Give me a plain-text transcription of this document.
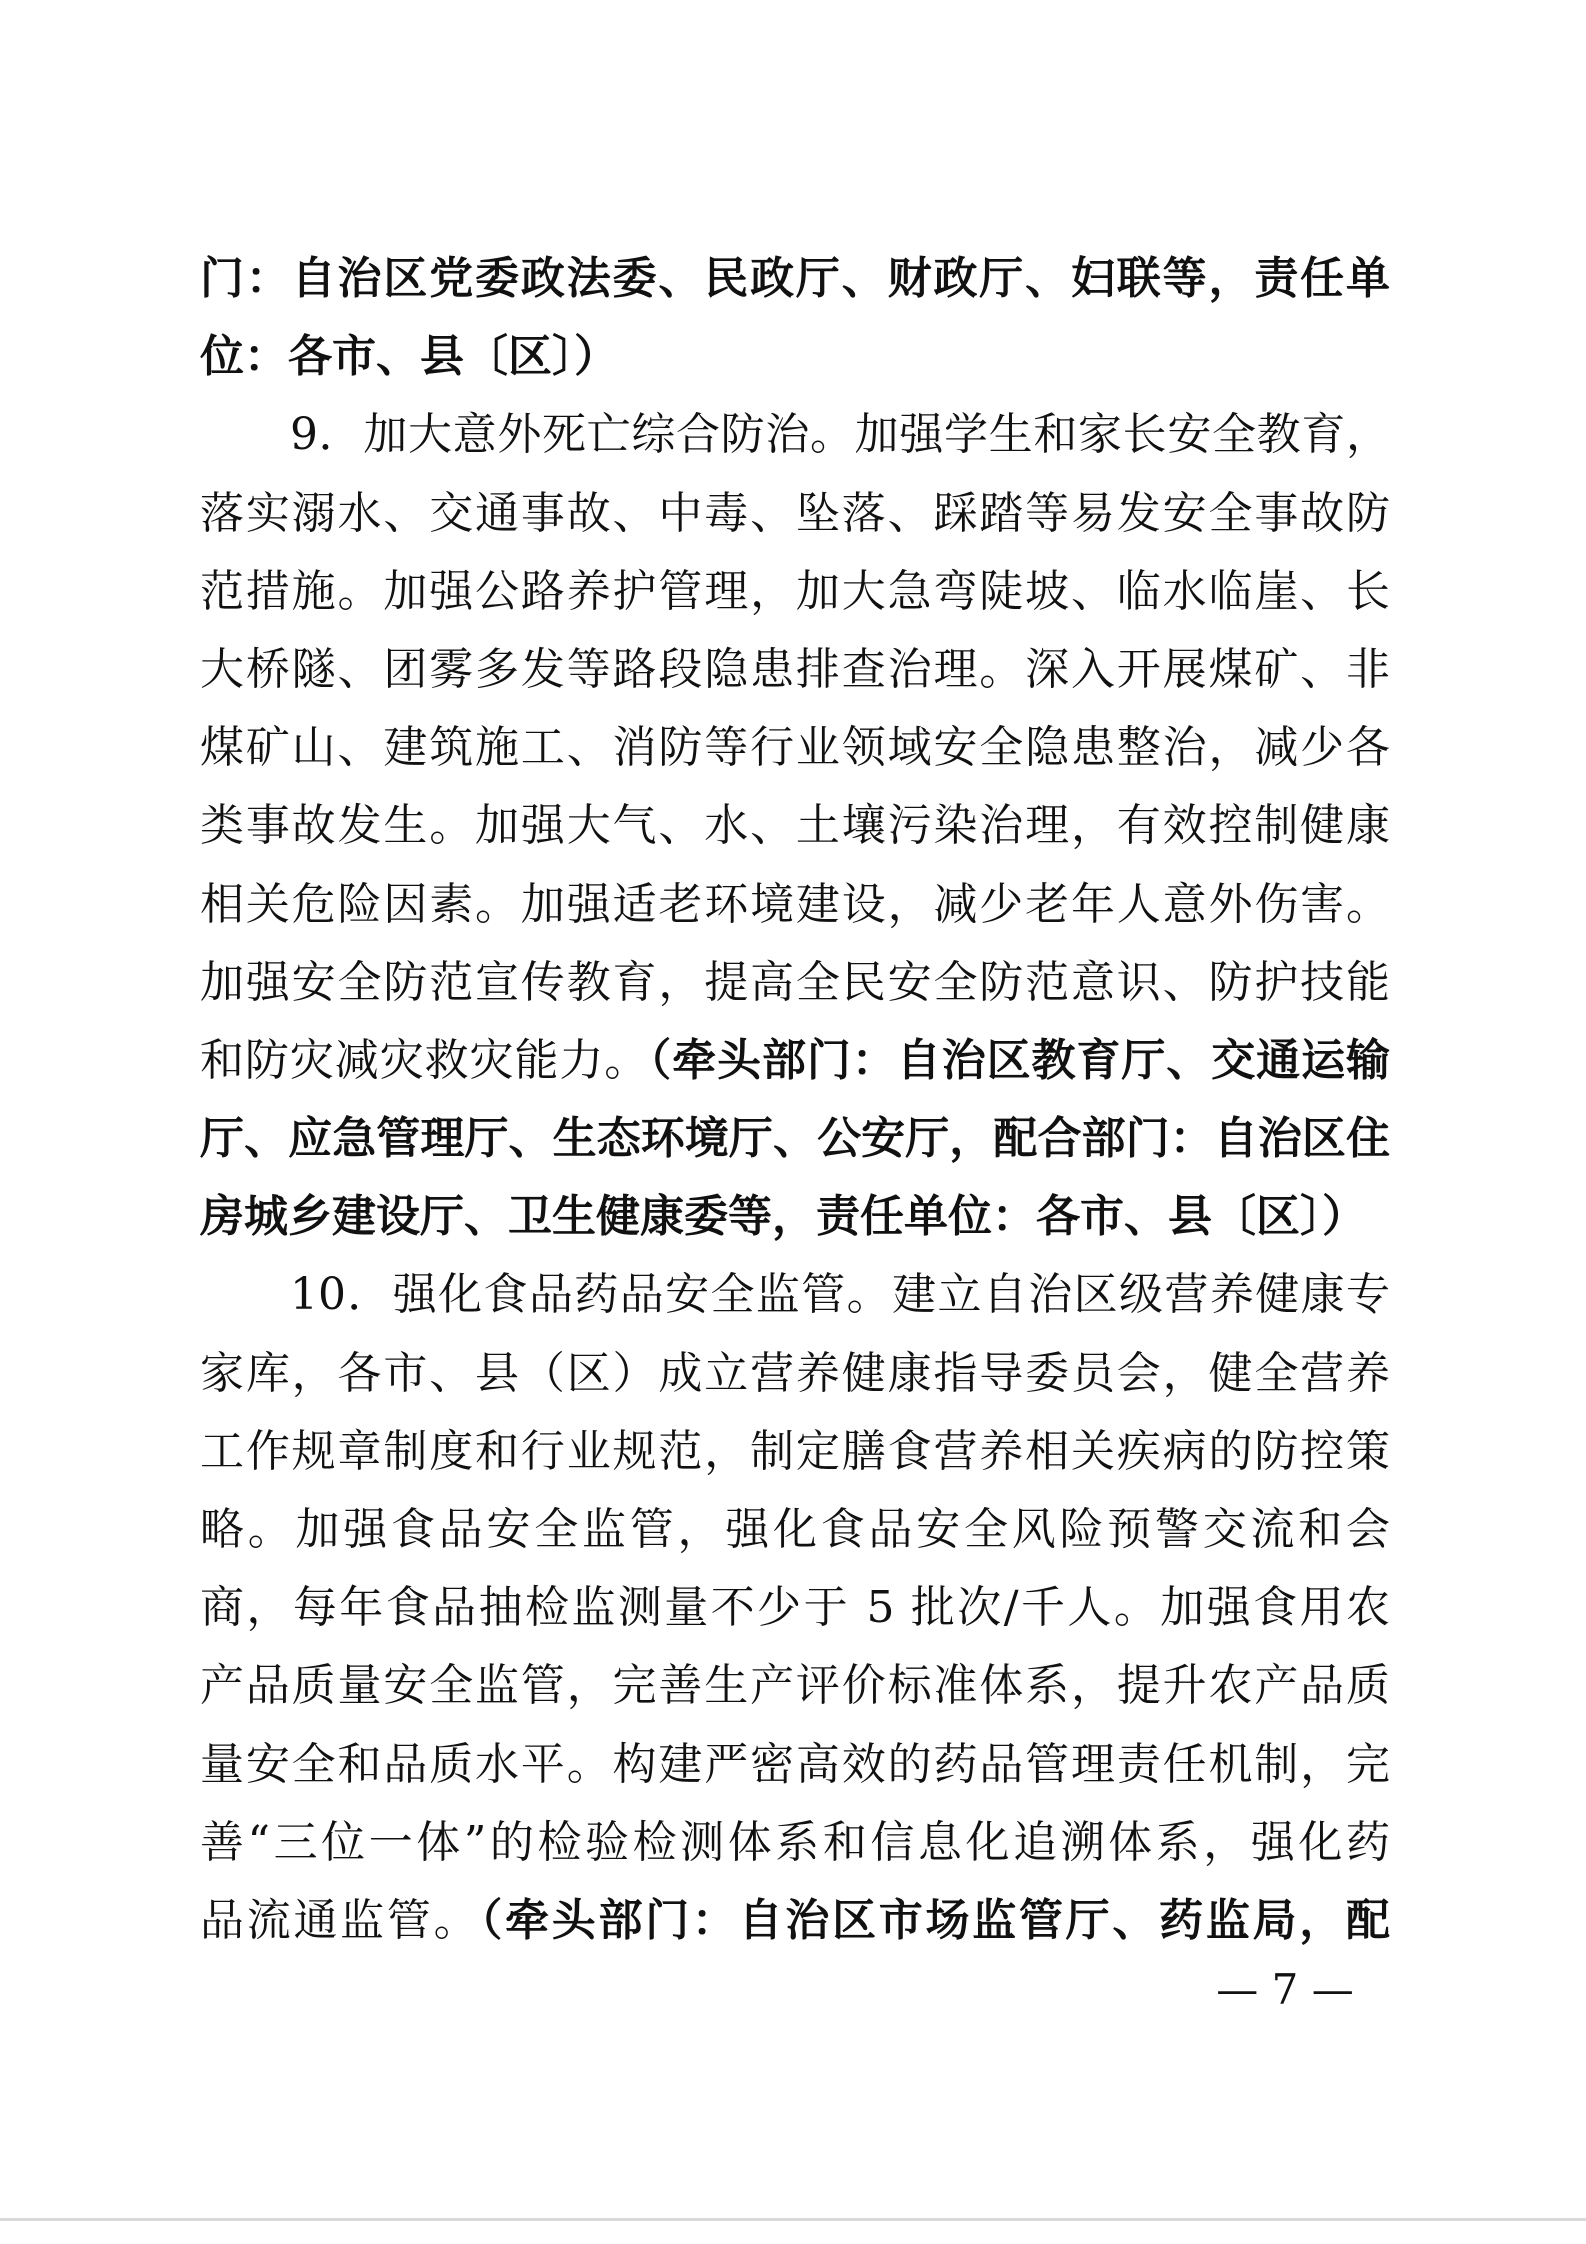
门：自治区党委政法委、民政厅、财政厅、妇联等，责任单
位：各市、县〔区〕）
9．加大意外死亡综合防治。加强学生和家长安全教育，
落实溺水、交通事故、中毒、坠落、踩踏等易发安全事故防
范措施。加强公路养护管理，加大急弯陡坡、临水临崖、长
大桥隧、团雾多发等路段隐患排查治理。深入开展煤矿、非
煤矿山、建筑施工、消防等行业领域安全隐患整治，减少各
类事故发生。加强大气、水、土壤污染治理，有效控制健康
相关危险因素。加强适老环境建设，减少老年人意外伤害。
加强安全防范宣传教育，提高全民安全防范意识、防护技能
和防灾减灾救灾能力。（牵头部门：自治区教育厅、交通运输
厅、应急管理厅、生态环境厅、公安厅，配合部门：自治区住
房城乡建设厅、卫生健康委等，责任单位：各市、县〔区〕）
10．强化食品药品安全监管。建立自治区级营养健康专
家库，各市、县（区）成立营养健康指导委员会，健全营养
工作规章制度和行业规范，制定膳食营养相关疾病的防控策
略。加强食品安全监管，强化食品安全风险预警交流和会
商，每年食品抽检监测量不少于 5 批次/千人。加强食用农
产品质量安全监管，完善生产评价标准体系，提升农产品质
量安全和品质水平。构建严密高效的药品管理责任机制，完
善“三位一体”的检验检测体系和信息化追溯体系，强化药
品流通监管。（牵头部门：自治区市场监管厅、药监局，配
— 7 —
